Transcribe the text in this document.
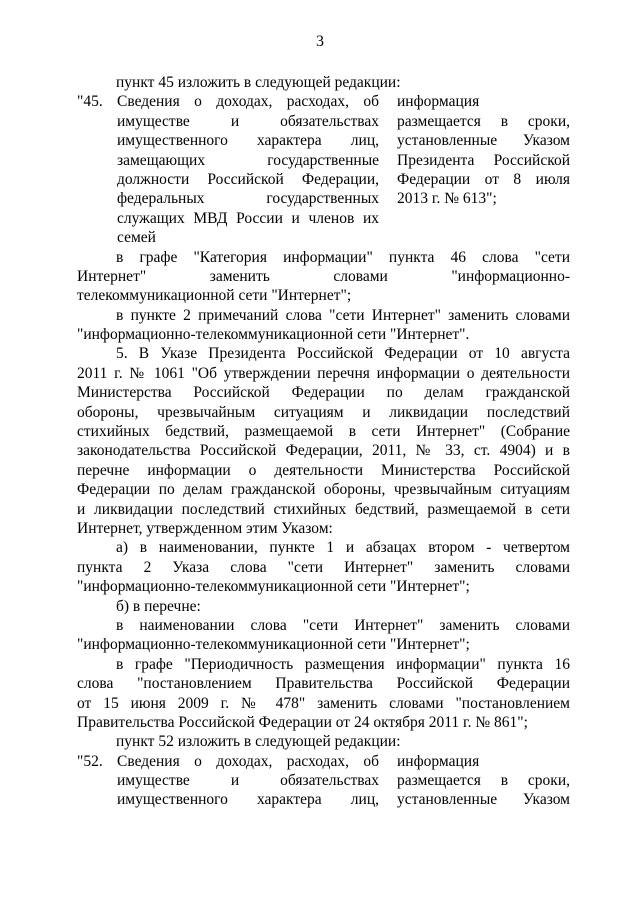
3
пункт 45 изложить в следующей редакции:
"45. Сведения о доходах, расходах, об информация
имуществе и обязательствах размещается в сроки,
имущественного характера лиц, установленные Указом
замещающих государственные Президента Российской
должности Российской Федерации, Федерации от 8 июля
федеральных государственных 2013 г. № 613";
служащих МВД России и членов их
семей
в графе "Категория информации" пункта 46 слова "сети
Интернет" заменить словами "информационно-
телекоммуникационной сети "Интернет";
в пункте 2 примечаний слова "сети Интернет" заменить словами
"информационно-телекоммуникационной сети "Интернет".
5. В Указе Президента Российской Федерации от 10 августа
2011 г. № 1061 "Об утверждении перечня информации о деятельности
Министерства Российской Федерации по делам гражданской
обороны, чрезвычайным ситуациям и ликвидации последствий
стихийных бедствий, размещаемой в сети Интернет" (Собрание
законодательства Российской Федерации, 2011, № 33, ст. 4904) и в
перечне информации о деятельности Министерства Российской
Федерации по делам гражданской обороны, чрезвычайным ситуациям
и ликвидации последствий стихийных бедствий, размещаемой в сети
Интернет, утвержденном этим Указом:
а) в наименовании, пункте 1 и абзацах втором - четвертом
пункта 2 Указа слова "сети Интернет" заменить словами
"информационно-телекоммуникационной сети "Интернет";
б) в перечне:
в наименовании слова "сети Интернет" заменить словами
"информационно-телекоммуникационной сети "Интернет";
в графе "Периодичность размещения информации" пункта 16
слова "постановлением Правительства Российской Федерации
от 15 июня 2009 г. № 478" заменить словами "постановлением
Правительства Российской Федерации от 24 октября 2011 г. № 861";
пункт 52 изложить в следующей редакции:
"52. Сведения о доходах, расходах, об информация
имуществе и обязательствах размещается в сроки,
имущественного характера лиц, установленные Указом
